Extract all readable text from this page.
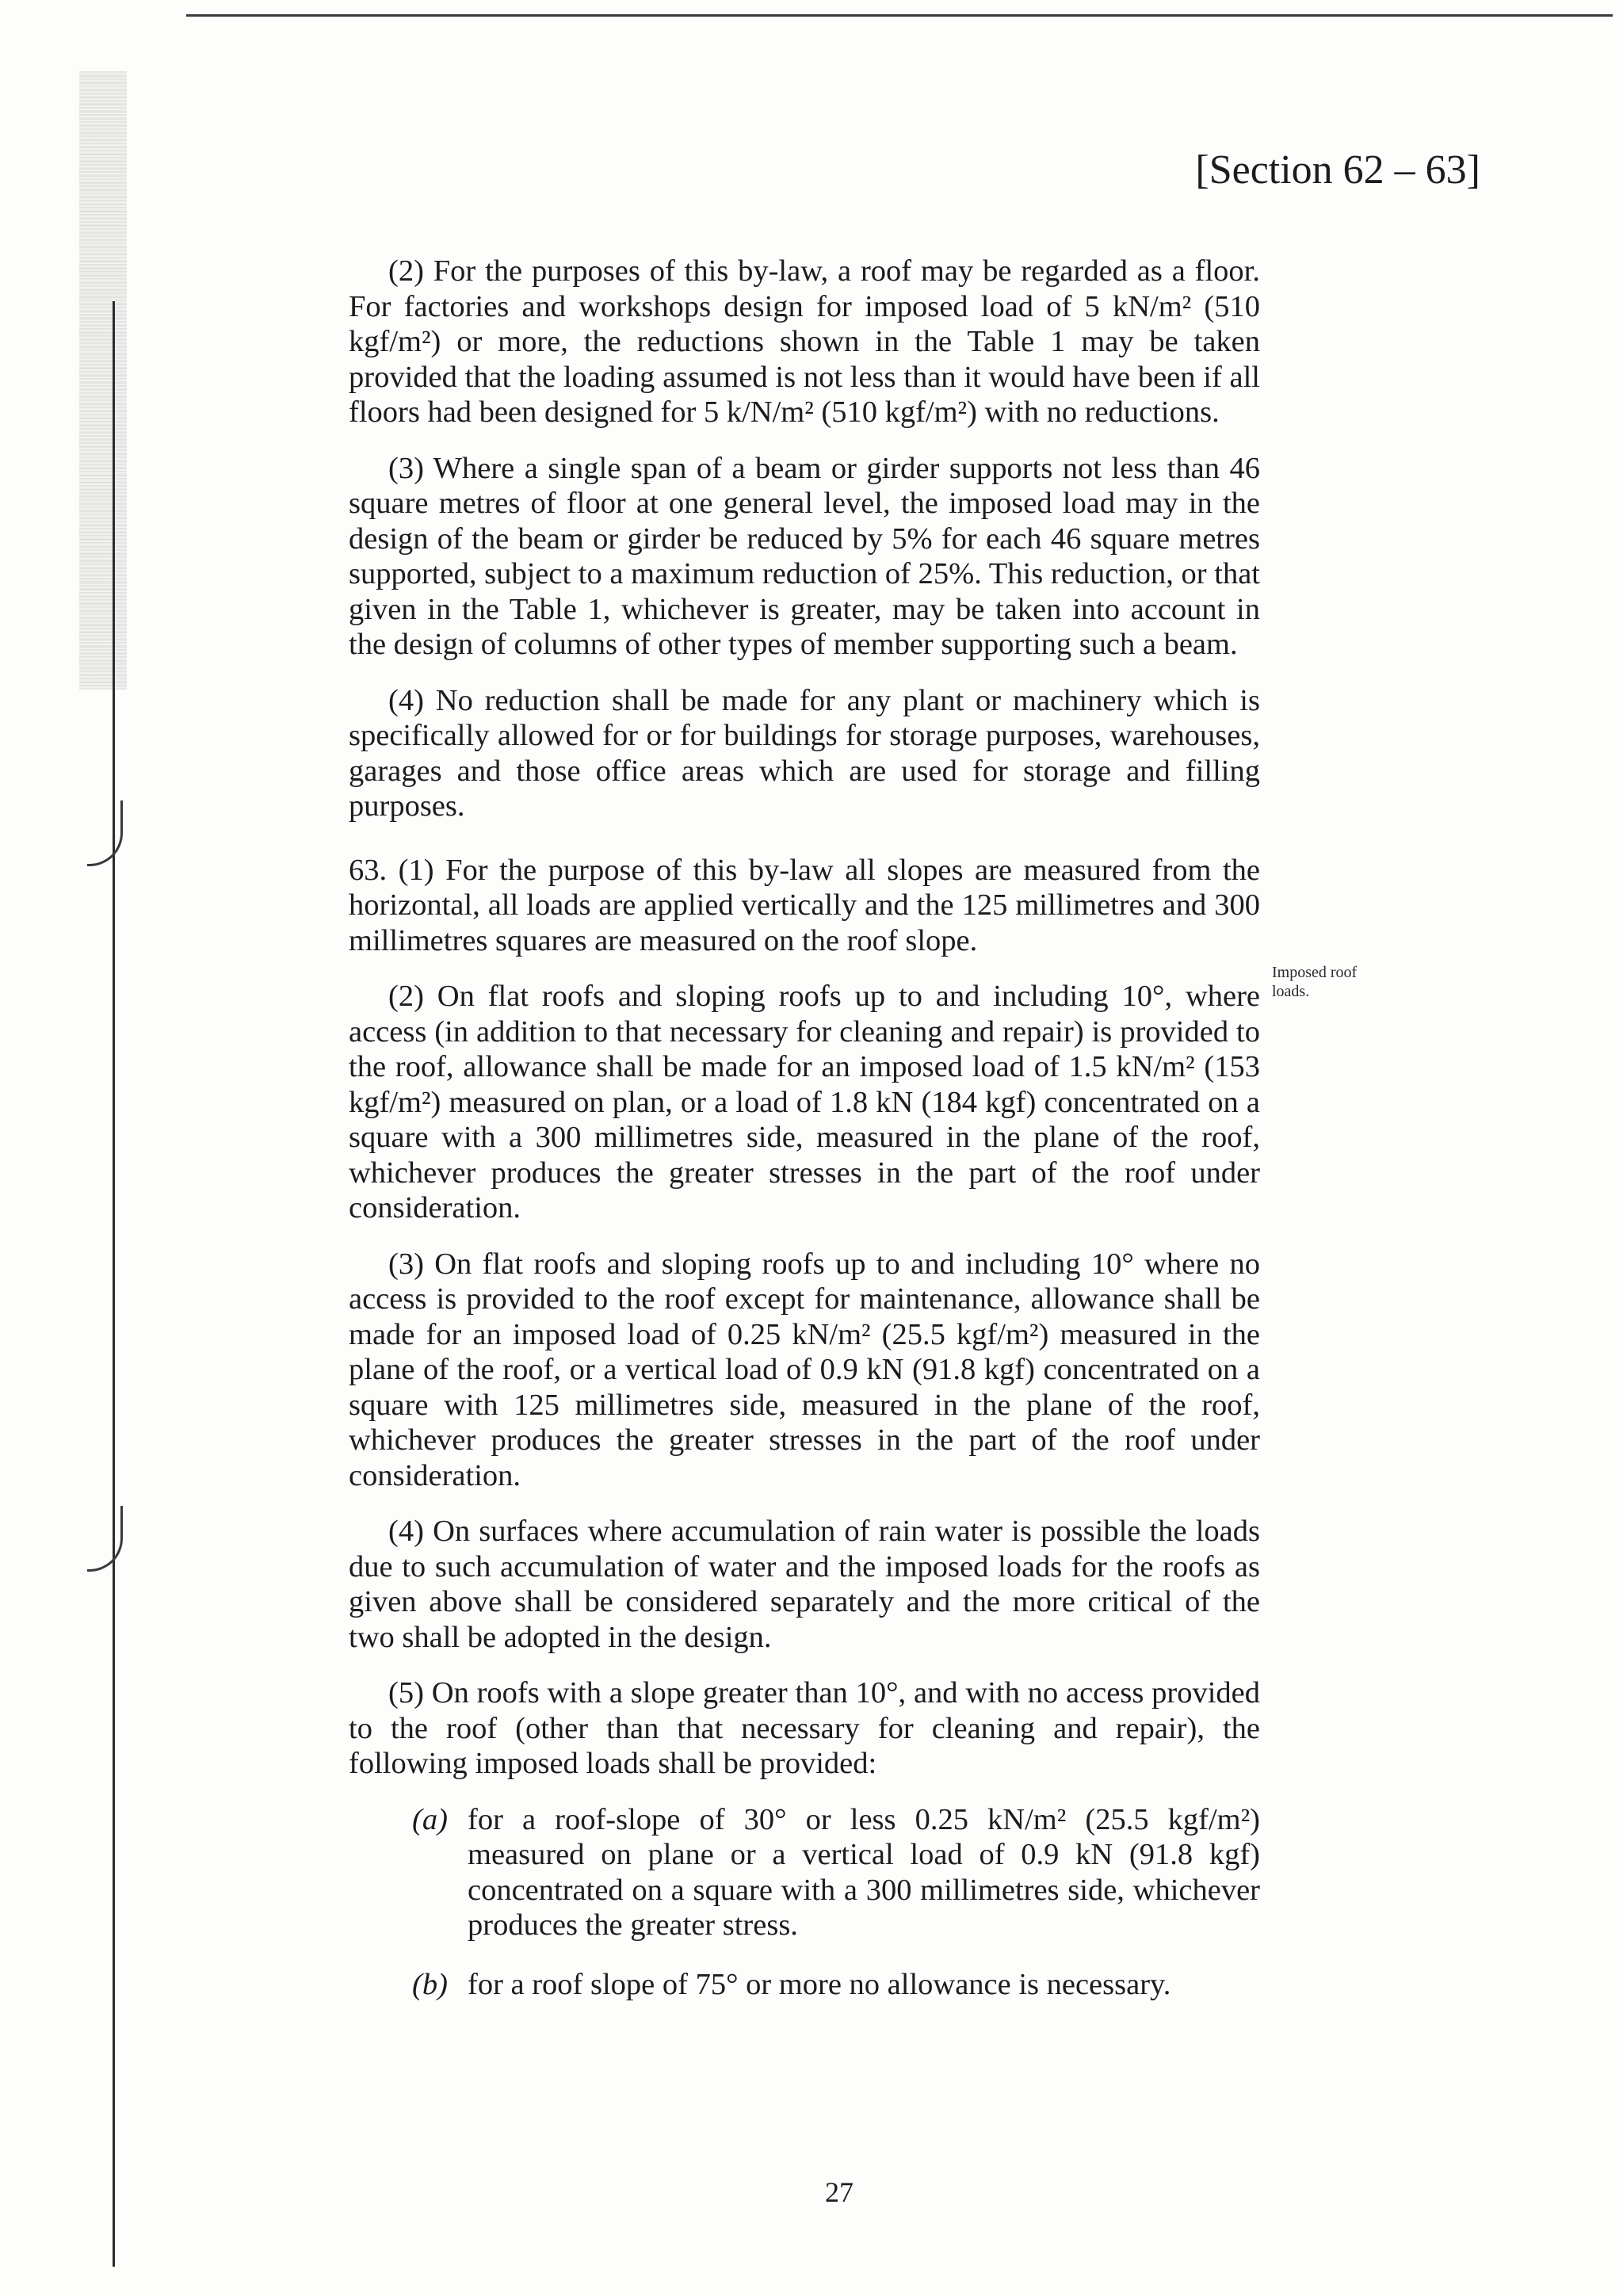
[Section 62 – 63]
Imposed roof loads.

(2) For the purposes of this by-law, a roof may be regarded as a floor. For factories and workshops design for imposed load of 5 kN/m² (510 kgf/m²) or more, the reductions shown in the Table 1 may be taken provided that the loading assumed is not less than it would have been if all floors had been designed for 5 k/N/m² (510 kgf/m²) with no reductions.

(3) Where a single span of a beam or girder supports not less than 46 square metres of floor at one general level, the imposed load may in the design of the beam or girder be reduced by 5% for each 46 square metres supported, subject to a maximum reduction of 25%. This reduction, or that given in the Table 1, whichever is greater, may be taken into account in the design of columns of other types of member supporting such a beam.

(4) No reduction shall be made for any plant or machinery which is specifically allowed for or for buildings for storage purposes, warehouses, garages and those office areas which are used for storage and filling purposes.

63. (1) For the purpose of this by-law all slopes are measured from the horizontal, all loads are applied vertically and the 125 millimetres and 300 millimetres squares are measured on the roof slope.

(2) On flat roofs and sloping roofs up to and including 10°, where access (in addition to that necessary for cleaning and repair) is provided to the roof, allowance shall be made for an imposed load of 1.5 kN/m² (153 kgf/m²) measured on plan, or a load of 1.8 kN (184 kgf) concentrated on a square with a 300 millimetres side, measured in the plane of the roof, whichever produces the greater stresses in the part of the roof under consideration.

(3) On flat roofs and sloping roofs up to and including 10° where no access is provided to the roof except for maintenance, allowance shall be made for an imposed load of 0.25 kN/m² (25.5 kgf/m²) measured in the plane of the roof, or a vertical load of 0.9 kN (91.8 kgf) concentrated on a square with 125 millimetres side, measured in the plane of the roof, whichever produces the greater stresses in the part of the roof under consideration.

(4) On surfaces where accumulation of rain water is possible the loads due to such accumulation of water and the imposed loads for the roofs as given above shall be considered separately and the more critical of the two shall be adopted in the design.

(5) On roofs with a slope greater than 10°, and with no access provided to the roof (other than that necessary for cleaning and repair), the following imposed loads shall be provided:

(a) for a roof-slope of 30° or less 0.25 kN/m² (25.5 kgf/m²) measured on plane or a vertical load of 0.9 kN (91.8 kgf) concentrated on a square with a 300 millimetres side, whichever produces the greater stress.
(b) for a roof slope of 75° or more no allowance is necessary.
27
